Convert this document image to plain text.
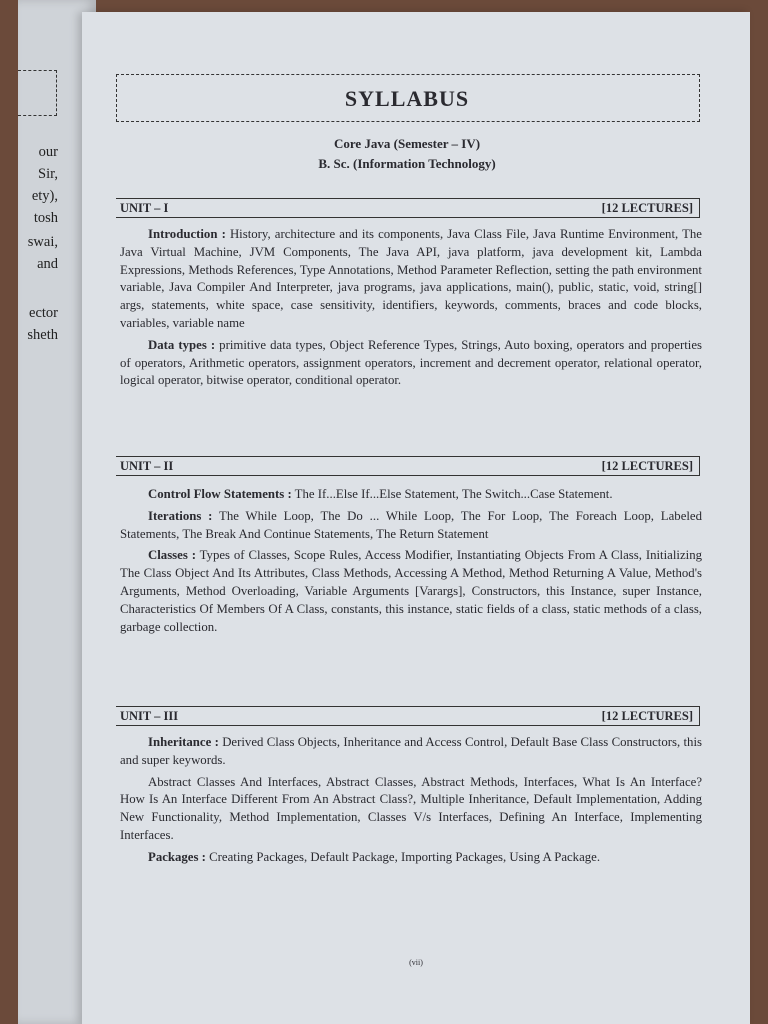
our
Sir,
ety),
tosh
swai,
and
ector
sheth
SYLLABUS
Core Java (Semester – IV)
B. Sc. (Information Technology)
UNIT – I	[12 LECTURES]

Introduction : History, architecture and its components, Java Class File, Java Runtime Environment, The Java Virtual Machine, JVM Components, The Java API, java platform, java development kit, Lambda Expressions, Methods References, Type Annotations, Method Parameter Reflection, setting the path environment variable, Java Compiler And Interpreter, java programs, java applications, main(), public, static, void, string[] args, statements, white space, case sensitivity, identifiers, keywords, comments, braces and code blocks, variables, variable name

Data types : primitive data types, Object Reference Types, Strings, Auto boxing, operators and properties of operators, Arithmetic operators, assignment operators, increment and decrement operator, relational operator, logical operator, bitwise operator, conditional operator.

UNIT – II	[12 LECTURES]

Control Flow Statements : The If...Else If...Else Statement, The Switch...Case Statement.

Iterations : The While Loop, The Do ... While Loop, The For Loop, The Foreach Loop, Labeled Statements, The Break And Continue Statements, The Return Statement

Classes : Types of Classes, Scope Rules, Access Modifier, Instantiating Objects From A Class, Initializing The Class Object And Its Attributes, Class Methods, Accessing A Method, Method Returning A Value, Method's Arguments, Method Overloading, Variable Arguments [Varargs], Constructors, this Instance, super Instance, Characteristics Of Members Of A Class, constants, this instance, static fields of a class, static methods of a class, garbage collection.

UNIT – III	[12 LECTURES]

Inheritance : Derived Class Objects, Inheritance and Access Control, Default Base Class Constructors, this and super keywords.

Abstract Classes And Interfaces, Abstract Classes, Abstract Methods, Interfaces, What Is An Interface? How Is An Interface Different From An Abstract Class?, Multiple Inheritance, Default Implementation, Adding New Functionality, Method Implementation, Classes V/s Interfaces, Defining An Interface, Implementing Interfaces.

Packages : Creating Packages, Default Package, Importing Packages, Using A Package.

(vii)
